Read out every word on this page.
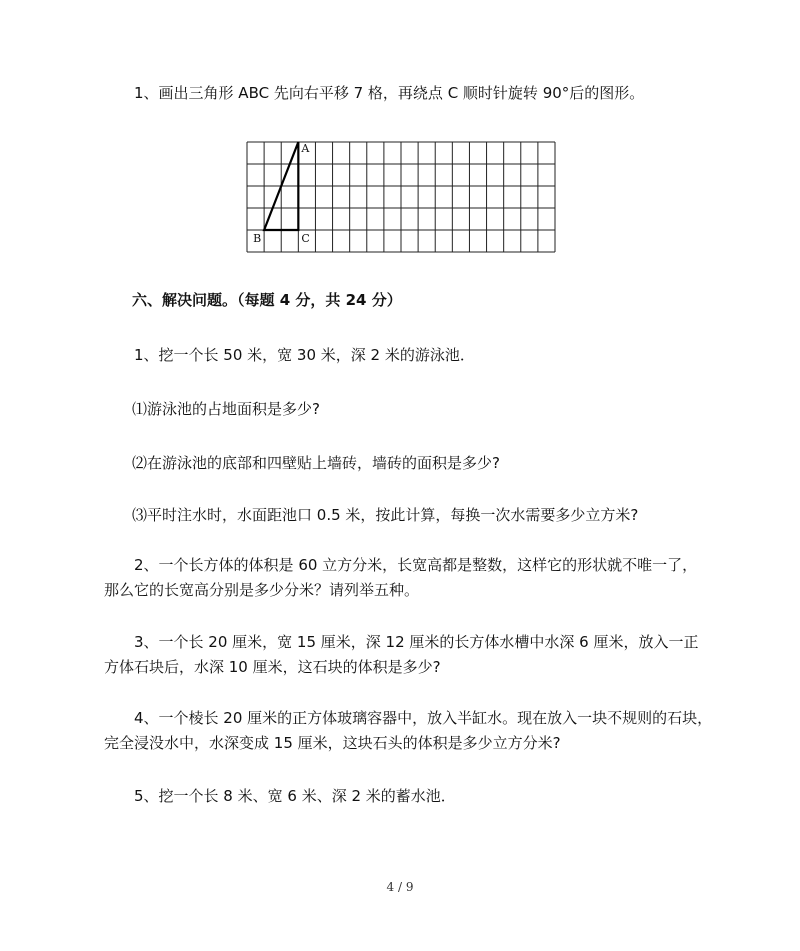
1、画出三角形 ABC 先向右平移 7 格，再绕点 C 顺时针旋转 90°后的图形。
A
B	C
六、解决问题。（每题 4 分，共 24 分）
1、挖一个长 50 米，宽 30 米，深 2 米的游泳池．
⑴游泳池的占地面积是多少?
⑵在游泳池的底部和四壁贴上墙砖，墙砖的面积是多少?
⑶平时注水时，水面距池口 0.5 米，按此计算，每换一次水需要多少立方米?
2、一个长方体的体积是 60 立方分米，长宽高都是整数，这样它的形状就不唯一了，
那么它的长宽高分别是多少分米？请列举五种。
3、一个长 20 厘米，宽 15 厘米，深 12 厘米的长方体水槽中水深 6 厘米，放入一正
方体石块后，水深 10 厘米，这石块的体积是多少?
4、一个棱长 20 厘米的正方体玻璃容器中，放入半缸水。现在放入一块不规则的石块，
完全浸没水中，水深变成 15 厘米，这块石头的体积是多少立方分米?
5、挖一个长 8 米、宽 6 米、深 2 米的蓄水池．
4 / 9
